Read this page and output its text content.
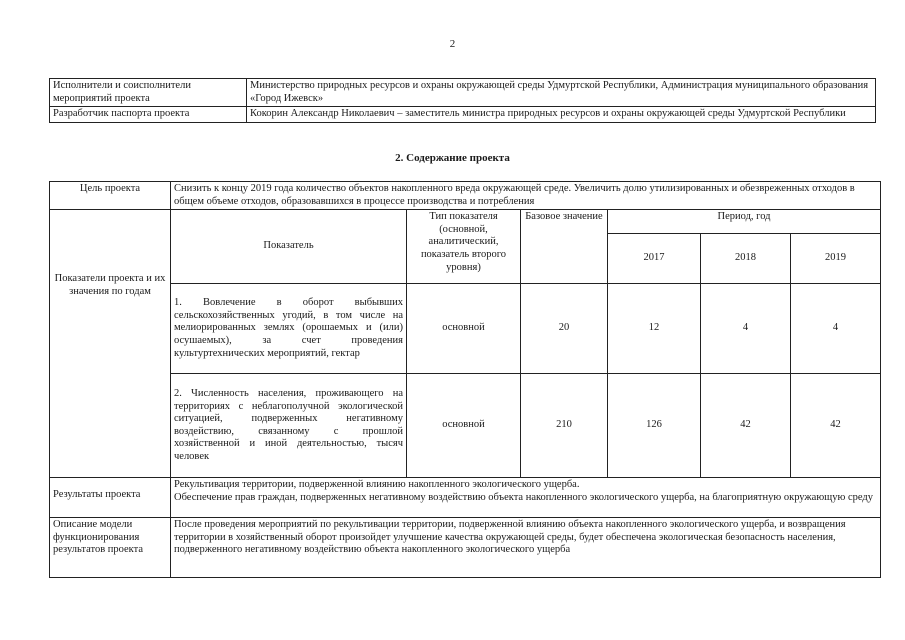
2
Исполнители и соисполнители мероприятий проекта	Министерство природных ресурсов и охраны окружающей среды Удмуртской Республики, Администрация муниципального образования «Город Ижевск»
Разработчик паспорта проекта	Кокорин Александр Николаевич – заместитель министра природных ресурсов и охраны окружающей среды Удмуртской Республики
2. Содержание проекта
Цель проекта	Снизить к концу 2019 года количество объектов накопленного вреда окружающей среде. Увеличить долю утилизированных и обезвреженных отходов в общем объеме отходов, образовавшихся в процессе производства и потребления					

Показатели проекта и их значения по годам	Показатель	Тип показателя (основной, аналитический, показатель второго уровня)	Базовое значение	Период, год		
				2017	2018	2019
	1. Вовлечение в оборот выбывших сельскохозяйственных угодий, в том числе на мелиорированных землях (орошаемых и (или) осушаемых), за счет проведения культуртехнических мероприятий, гектар	основной	20	12	4	4
	2. Численность населения, проживающего на территориях с неблагополучной экологической ситуацией, подверженных негативному воздействию, связанному с прошлой хозяйственной и иной деятельностью, тысяч человек	основной	210	126	42	42

Результаты проекта	Рекультивация территории, подверженной влиянию накопленного экологического ущерба.
Обеспечение прав граждан, подверженных негативному воздействию объекта накопленного экологического ущерба, на благоприятную окружающую среду					

Описание модели функционирования результатов проекта	После проведения мероприятий по рекультивации территории, подверженной влиянию объекта накопленного экологического ущерба, и возвращения территории в хозяйственный оборот произойдет улучшение качества окружающей среды, будет обеспечена экологическая безопасность населения, подверженного негативному воздействию объекта накопленного экологического ущерба					
